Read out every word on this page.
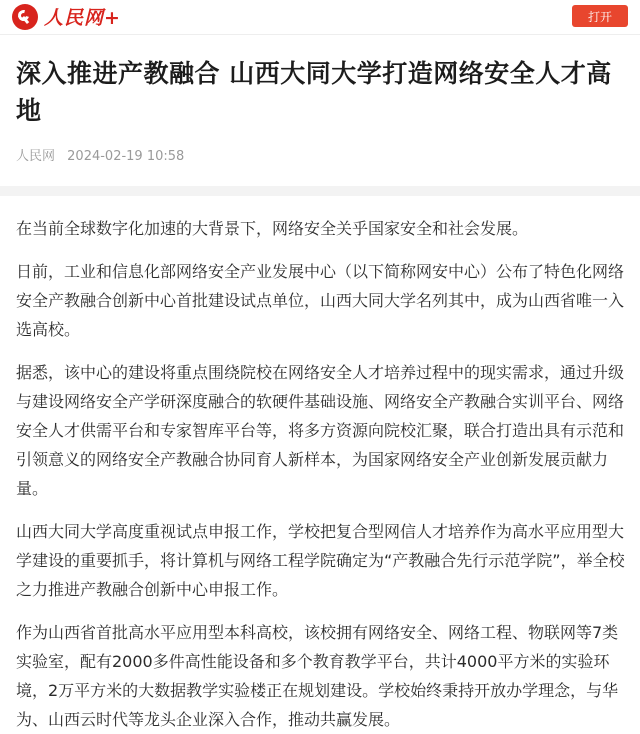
人民网+	打开
深入推进产教融合 山西大同大学打造网络安全人才高地
人民网 2024-02-19 10:58

在当前全球数字化加速的大背景下，网络安全关乎国家安全和社会发展。

日前，工业和信息化部网络安全产业发展中心（以下简称网安中心）公布了特色化网络安全产教融合创新中心首批建设试点单位，山西大同大学名列其中，成为山西省唯一入选高校。

据悉，该中心的建设将重点围绕院校在网络安全人才培养过程中的现实需求，通过升级与建设网络安全产学研深度融合的软硬件基础设施、网络安全产教融合实训平台、网络安全人才供需平台和专家智库平台等，将多方资源向院校汇聚，联合打造出具有示范和引领意义的网络安全产教融合协同育人新样本，为国家网络安全产业创新发展贡献力量。

山西大同大学高度重视试点申报工作，学校把复合型网信人才培养作为高水平应用型大学建设的重要抓手，将计算机与网络工程学院确定为“产教融合先行示范学院”，举全校之力推进产教融合创新中心申报工作。

作为山西省首批高水平应用型本科高校，该校拥有网络安全、网络工程、物联网等7类实验室，配有2000多件高性能设备和多个教育教学平台，共计4000平方米的实验环境，2万平方米的大数据教学实验楼正在规划建设。学校始终秉持开放办学理念，与华为、山西云时代等龙头企业深入合作，推动共赢发展。
